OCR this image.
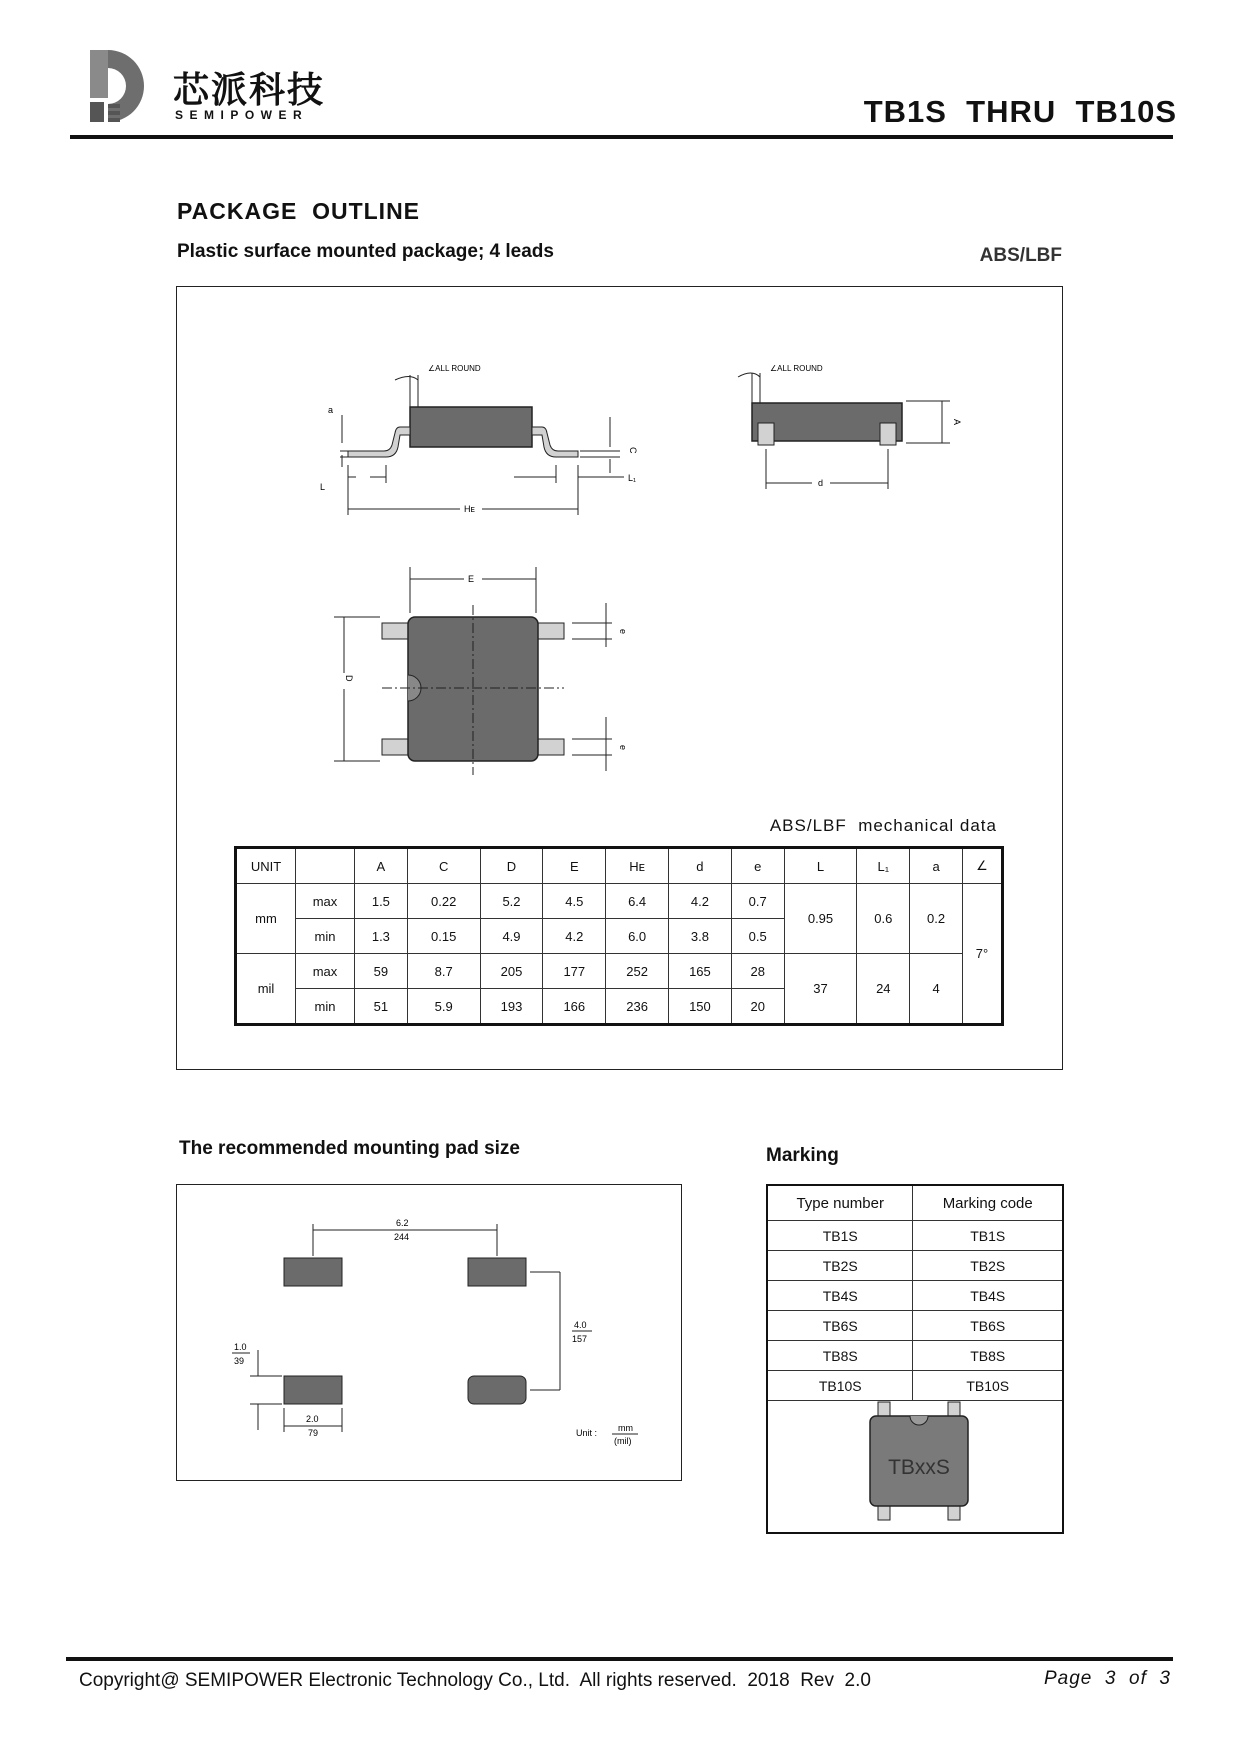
芯派科技
SEMIPOWER	TB1S  THRU  TB10S
PACKAGE  OUTLINE
Plastic surface mounted package; 4 leads	ABS/LBF
∠ALL ROUND
a
C
L
L₁
Hᴇ
∠ALL ROUND
A
d
E
D
e
e
ABS/LBF  mechanical data
UNIT		A	C	D	E	Hᴇ	d	e	L	L₁	a	∠
mm	max	1.5	0.22	5.2	4.5	6.4	4.2	0.7	0.95	0.6	0.2	7°
	min	1.3	0.15	4.9	4.2	6.0	3.8	0.5				
mil	max	59	8.7	205	177	252	165	28	37	24	4	
	min	51	5.9	193	166	236	150	20				
The recommended mounting pad size
6.2
244
4.0
157
1.0
39
2.0
79	Unit : mm
(mil)
Marking
Type number	Marking code
TB1S	TB1S
TB2S	TB2S
TB4S	TB4S
TB6S	TB6S
TB8S	TB8S
TB10S	TB10S
TBxxS
Copyright@ SEMIPOWER Electronic Technology Co., Ltd.  All rights reserved.  2018  Rev  2.0	Page  3  of  3
